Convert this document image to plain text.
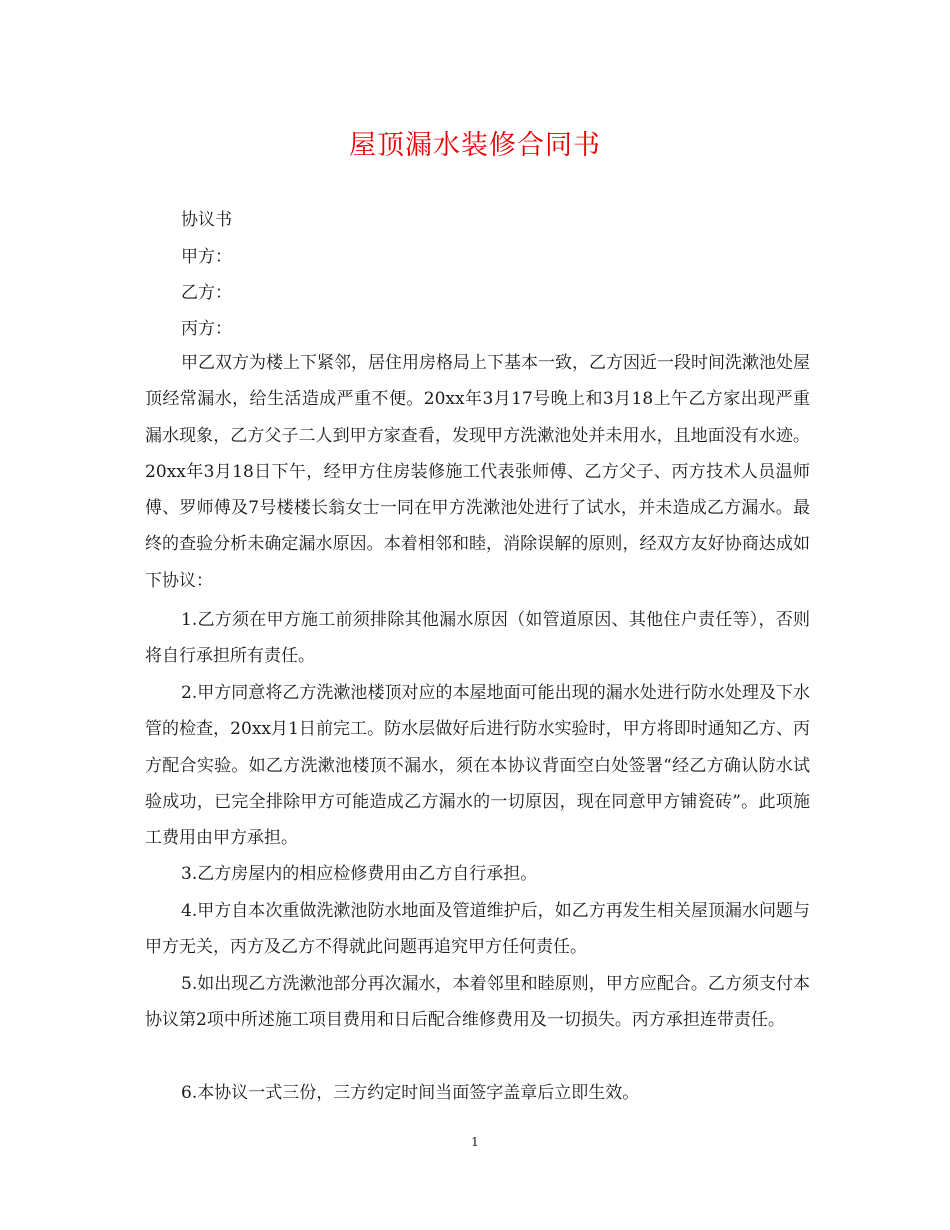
屋顶漏水装修合同书
协议书
甲方：
乙方：
丙方：

甲乙双方为楼上下紧邻，居住用房格局上下基本一致，乙方因近一段时间洗漱池处屋顶经常漏水，给生活造成严重不便。20xx年3月17号晚上和3月18上午乙方家出现严重漏水现象，乙方父子二人到甲方家查看，发现甲方洗漱池处并未用水，且地面没有水迹。20xx年3月18日下午，经甲方住房装修施工代表张师傅、乙方父子、丙方技术人员温师傅、罗师傅及7号楼楼长翁女士一同在甲方洗漱池处进行了试水，并未造成乙方漏水。最终的查验分析未确定漏水原因。本着相邻和睦，消除误解的原则，经双方友好协商达成如下协议：

1.乙方须在甲方施工前须排除其他漏水原因（如管道原因、其他住户责任等），否则将自行承担所有责任。

2.甲方同意将乙方洗漱池楼顶对应的本屋地面可能出现的漏水处进行防水处理及下水管的检查，20xx月1日前完工。防水层做好后进行防水实验时，甲方将即时通知乙方、丙方配合实验。如乙方洗漱池楼顶不漏水，须在本协议背面空白处签署“经乙方确认防水试验成功，已完全排除甲方可能造成乙方漏水的一切原因，现在同意甲方铺瓷砖”。此项施工费用由甲方承担。

3.乙方房屋内的相应检修费用由乙方自行承担。

4.甲方自本次重做洗漱池防水地面及管道维护后，如乙方再发生相关屋顶漏水问题与甲方无关，丙方及乙方不得就此问题再追究甲方任何责任。

5.如出现乙方洗漱池部分再次漏水，本着邻里和睦原则，甲方应配合。乙方须支付本协议第2项中所述施工项目费用和日后配合维修费用及一切损失。丙方承担连带责任。

6.本协议一式三份，三方约定时间当面签字盖章后立即生效。

1
